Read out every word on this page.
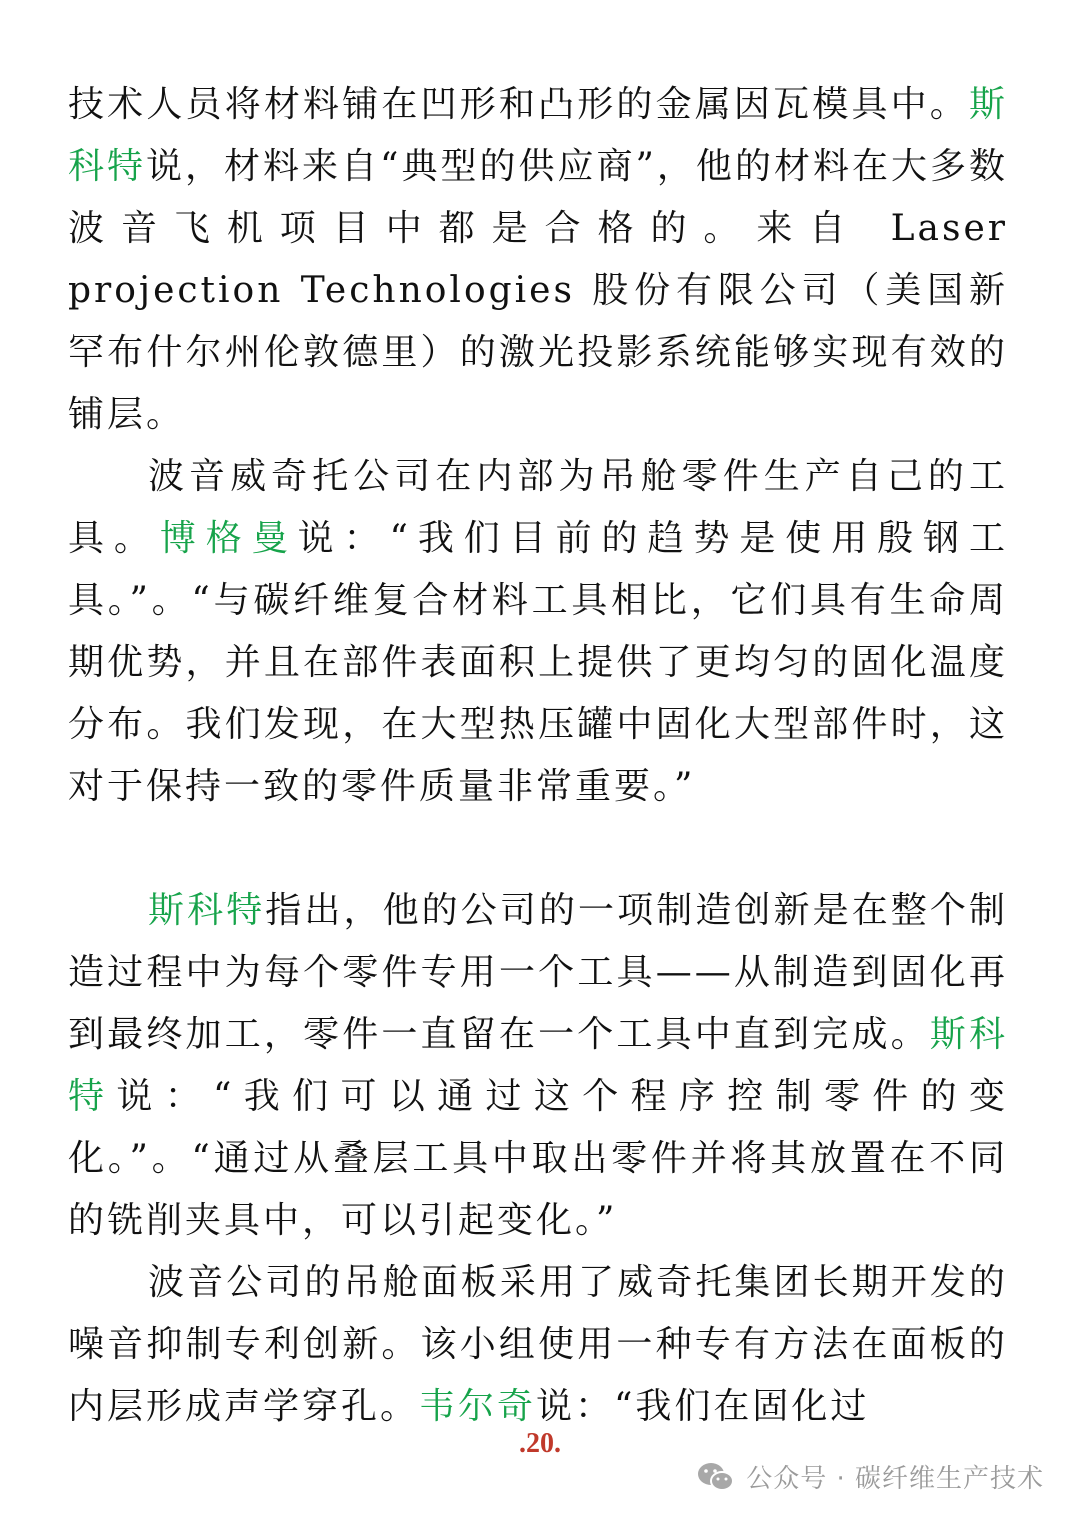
技术人员将材料铺在凹形和凸形的金属因瓦模具中。斯科特说，材料来自“典型的供应商”，他的材料在大多数波音飞机项目中都是合格的。来自 Laser projection Technologies 股份有限公司（美国新罕布什尔州伦敦德里）的激光投影系统能够实现有效的铺层。

波音威奇托公司在内部为吊舱零件生产自己的工具。博格曼说：“我们目前的趋势是使用殷钢工具。”。“与碳纤维复合材料工具相比，它们具有生命周期优势，并且在部件表面积上提供了更均匀的固化温度分布。我们发现，在大型热压罐中固化大型部件时，这对于保持一致的零件质量非常重要。”

斯科特指出，他的公司的一项制造创新是在整个制造过程中为每个零件专用一个工具——从制造到固化再到最终加工，零件一直留在一个工具中直到完成。斯科特说：“我们可以通过这个程序控制零件的变化。”。“通过从叠层工具中取出零件并将其放置在不同的铣削夹具中，可以引起变化。”

波音公司的吊舱面板采用了威奇托集团长期开发的噪音抑制专利创新。该小组使用一种专有方法在面板的内层形成声学穿孔。韦尔奇说：“我们在固化过

.20.
公众号 · 碳纤维生产技术
